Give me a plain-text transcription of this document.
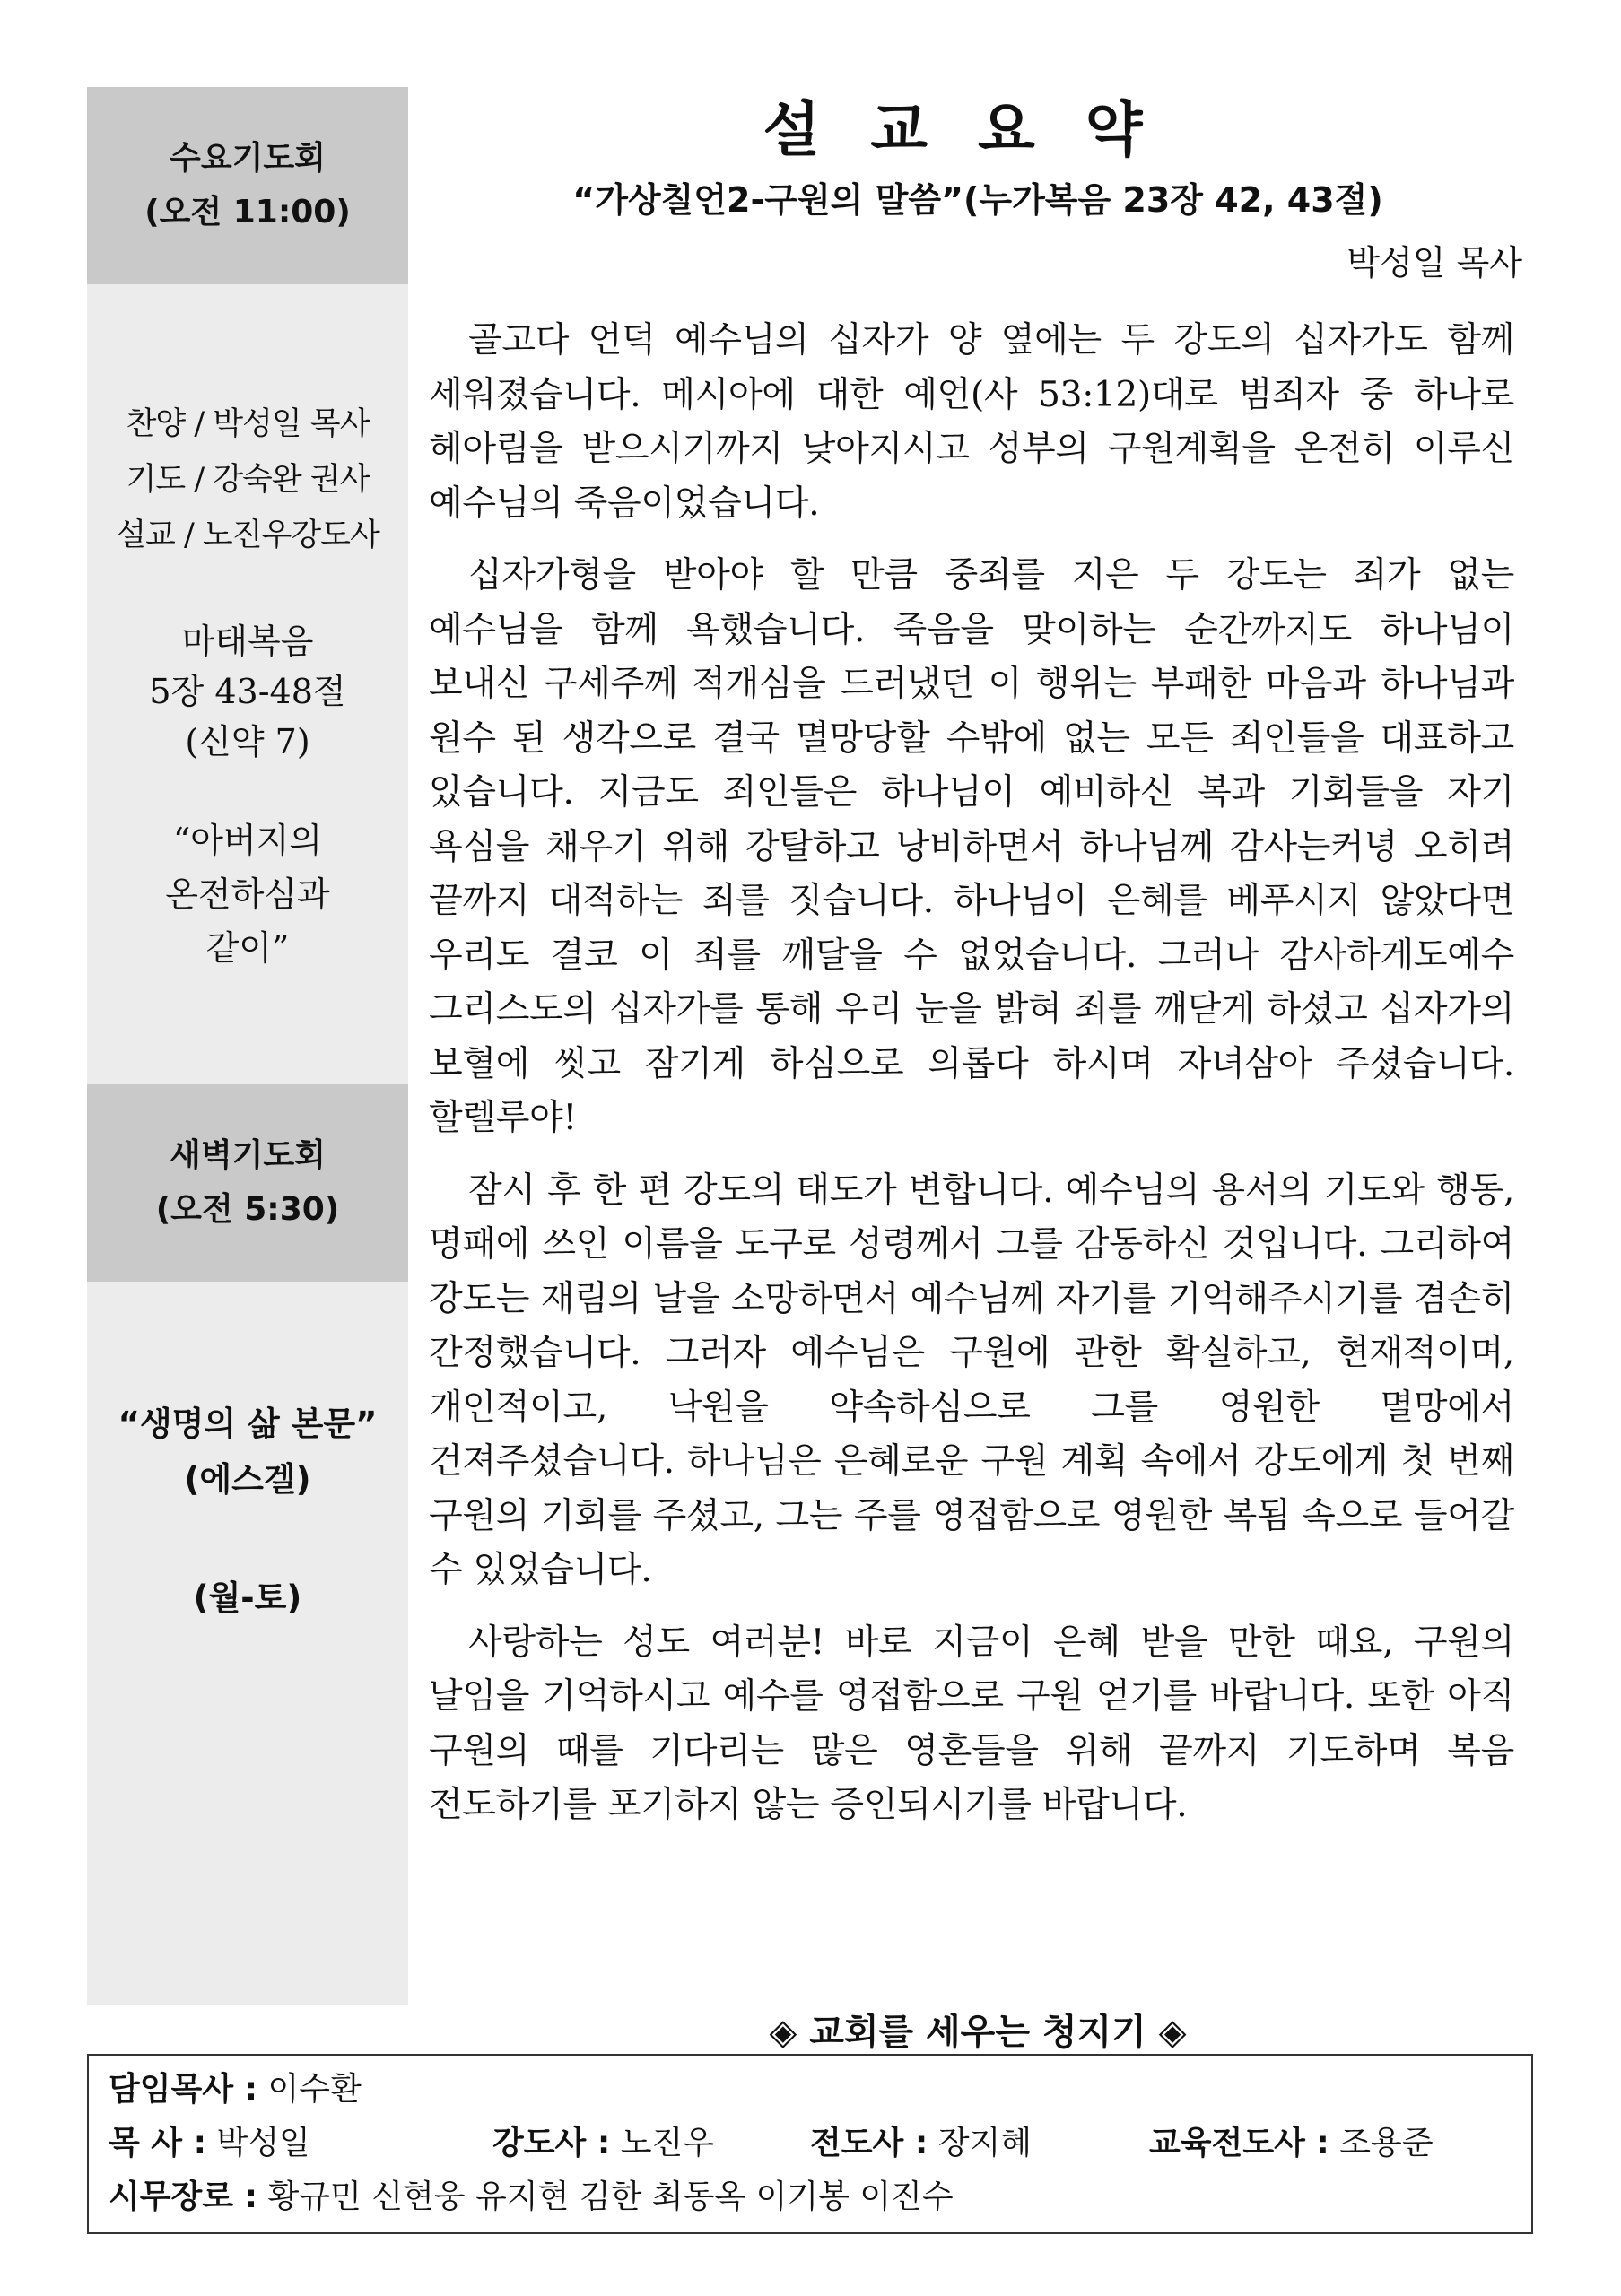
수요기도회
(오전 11:00)
찬양 / 박성일 목사
기도 / 강숙완 권사
설교 / 노진우강도사
마태복음
5장 43-48절
(신약 7)
“아버지의
온전하심과
같이”
새벽기도회
(오전 5:30)
“생명의 삶 본문”
(에스겔)
(월-토)
설교요약
“가상칠언2-구원의 말씀”(누가복음 23장 42, 43절)
박성일 목사

골고다 언덕 예수님의 십자가 양 옆에는 두 강도의 십자가도 함께 세워졌습니다. 메시아에 대한 예언(사 53:12)대로 범죄자 중 하나로 헤아림을 받으시기까지 낮아지시고 성부의 구원계획을 온전히 이루신 예수님의 죽음이었습니다.

십자가형을 받아야 할 만큼 중죄를 지은 두 강도는 죄가 없는 예수님을 함께 욕했습니다. 죽음을 맞이하는 순간까지도 하나님이 보내신 구세주께 적개심을 드러냈던 이 행위는 부패한 마음과 하나님과 원수 된 생각으로 결국 멸망당할 수밖에 없는 모든 죄인들을 대표하고 있습니다. 지금도 죄인들은 하나님이 예비하신 복과 기회들을 자기 욕심을 채우기 위해 강탈하고 낭비하면서 하나님께 감사는커녕 오히려 끝까지 대적하는 죄를 짓습니다. 하나님이 은혜를 베푸시지 않았다면 우리도 결코 이 죄를 깨달을 수 없었습니다. 그러나 감사하게도예수 그리스도의 십자가를 통해 우리 눈을 밝혀 죄를 깨닫게 하셨고 십자가의 보혈에 씻고 잠기게 하심으로 의롭다 하시며 자녀삼아 주셨습니다. 할렐루야!

잠시 후 한 편 강도의 태도가 변합니다. 예수님의 용서의 기도와 행동, 명패에 쓰인 이름을 도구로 성령께서 그를 감동하신 것입니다. 그리하여 강도는 재림의 날을 소망하면서 예수님께 자기를 기억해주시기를 겸손히 간정했습니다. 그러자 예수님은 구원에 관한 확실하고, 현재적이며, 개인적이고, 낙원을 약속하심으로 그를 영원한 멸망에서 건져주셨습니다. 하나님은 은혜로운 구원 계획 속에서 강도에게 첫 번째 구원의 기회를 주셨고, 그는 주를 영접함으로 영원한 복됨 속으로 들어갈 수 있었습니다.

사랑하는 성도 여러분! 바로 지금이 은혜 받을 만한 때요, 구원의 날임을 기억하시고 예수를 영접함으로 구원 얻기를 바랍니다. 또한 아직 구원의 때를 기다리는 많은 영혼들을 위해 끝까지 기도하며 복음 전도하기를 포기하지 않는 증인되시기를 바랍니다.

◈ 교회를 세우는 청지기 ◈
담임목사 : 이수환
목 사 : 박성일	강도사 : 노진우	전도사 : 장지혜	교육전도사 : 조용준
시무장로 : 황규민 신현웅 유지현 김한 최동옥 이기봉 이진수
